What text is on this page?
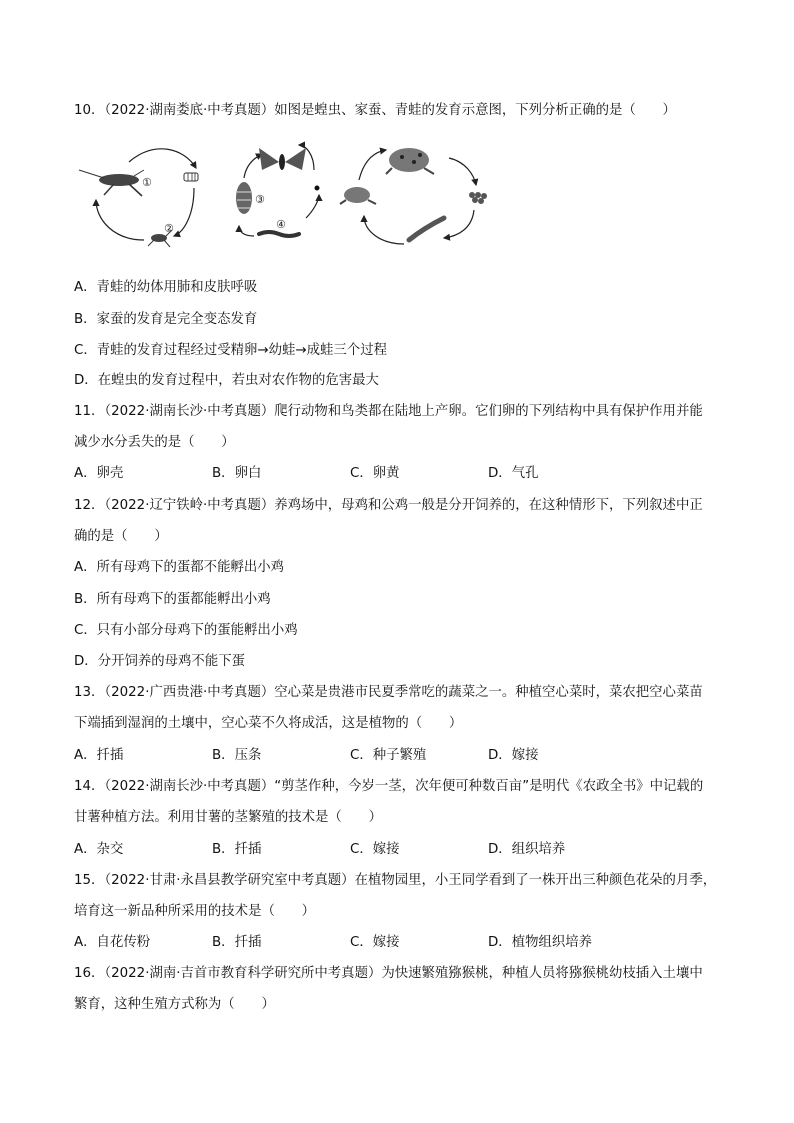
10．（2022·湖南娄底·中考真题）如图是蝗虫、家蚕、青蛙的发育示意图，下列分析正确的是（　　）
①
②
③
④
A．青蛙的幼体用肺和皮肤呼吸
B．家蚕的发育是完全变态发育
C．青蛙的发育过程经过受精卵→幼蛙→成蛙三个过程
D．在蝗虫的发育过程中，若虫对农作物的危害最大
11．（2022·湖南长沙·中考真题）爬行动物和鸟类都在陆地上产卵。它们卵的下列结构中具有保护作用并能
减少水分丢失的是（　　）
A．卵壳	B．卵白	C．卵黄	D．气孔
12．（2022·辽宁铁岭·中考真题）养鸡场中，母鸡和公鸡一般是分开饲养的，在这种情形下，下列叙述中正
确的是（　　）
A．所有母鸡下的蛋都不能孵出小鸡
B．所有母鸡下的蛋都能孵出小鸡
C．只有小部分母鸡下的蛋能孵出小鸡
D．分开饲养的母鸡不能下蛋
13．（2022·广西贵港·中考真题）空心菜是贵港市民夏季常吃的蔬菜之一。种植空心菜时，菜农把空心菜苗
下端插到湿润的土壤中，空心菜不久将成活，这是植物的（　　）
A．扦插	B．压条	C．种子繁殖	D．嫁接
14．（2022·湖南长沙·中考真题）“剪茎作种，今岁一茎，次年便可种数百亩”是明代《农政全书》中记载的
甘薯种植方法。利用甘薯的茎繁殖的技术是（　　）
A．杂交	B．扦插	C．嫁接	D．组织培养
15．（2022·甘肃·永昌县教学研究室中考真题）在植物园里，小王同学看到了一株开出三种颜色花朵的月季，
培育这一新品种所采用的技术是（　　）
A．自花传粉	B．扦插	C．嫁接	D．植物组织培养
16．（2022·湖南·吉首市教育科学研究所中考真题）为快速繁殖猕猴桃，种植人员将猕猴桃幼枝插入土壤中
繁育，这种生殖方式称为（　　）
